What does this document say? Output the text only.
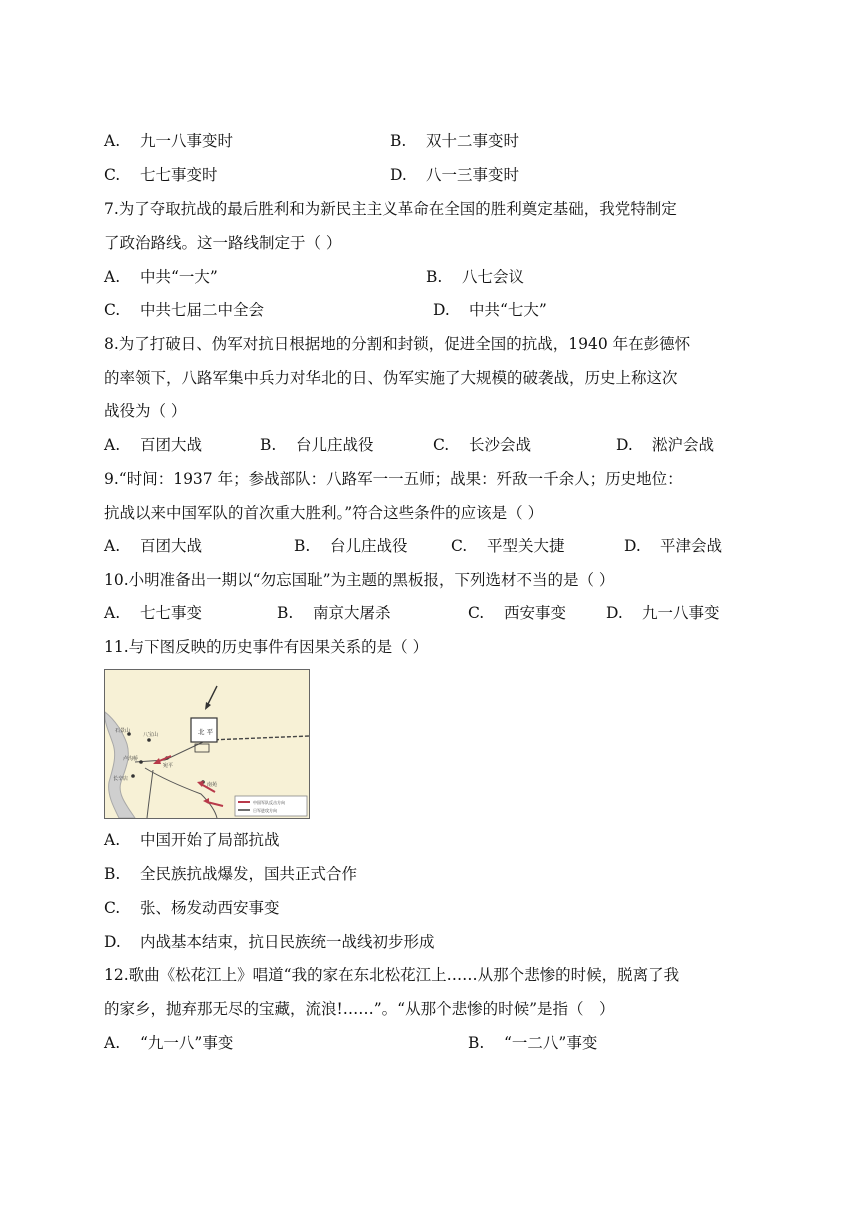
A. 九一八事变时	B. 双十二事变时
C. 七七事变时	D. 八一三事变时
7.为了夺取抗战的最后胜利和为新民主主义革命在全国的胜利奠定基础，我党特制定
了政治路线。这一路线制定于（ ）
A. 中共“一大”	B. 八七会议
C. 中共七届二中全会	D. 中共“七大”
8.为了打破日、伪军对抗日根据地的分割和封锁，促进全国的抗战，1940 年在彭德怀
的率领下，八路军集中兵力对华北的日、伪军实施了大规模的破袭战，历史上称这次
战役为（ ）
A. 百团大战	B. 台儿庄战役	C. 长沙会战	D. 淞沪会战
9.“时间：1937 年；参战部队：八路军一一五师；战果：歼敌一千余人；历史地位：
抗战以来中国军队的首次重大胜利。”符合这些条件的应该是（ ）
A. 百团大战	B. 台儿庄战役	C. 平型关大捷	D. 平津会战
10.小明准备出一期以“勿忘国耻”为主题的黑板报，下列选材不当的是（ ）
A. 七七事变	B. 南京大屠杀	C. 西安事变	D. 九一八事变
11.与下图反映的历史事件有因果关系的是（ ）
北 平
石景山
八宝山
卢沟桥
长辛店
宛平
南苑
中国军队反击方向
日军进攻方向
A. 中国开始了局部抗战
B. 全民族抗战爆发，国共正式合作
C. 张、杨发动西安事变
D. 内战基本结束，抗日民族统一战线初步形成
12.歌曲《松花江上》唱道“我的家在东北松花江上……从那个悲惨的时候，脱离了我
的家乡，抛弃那无尽的宝藏，流浪!……”。“从那个悲惨的时候”是指（　）
A. “九一八”事变	B. “一二八”事变
